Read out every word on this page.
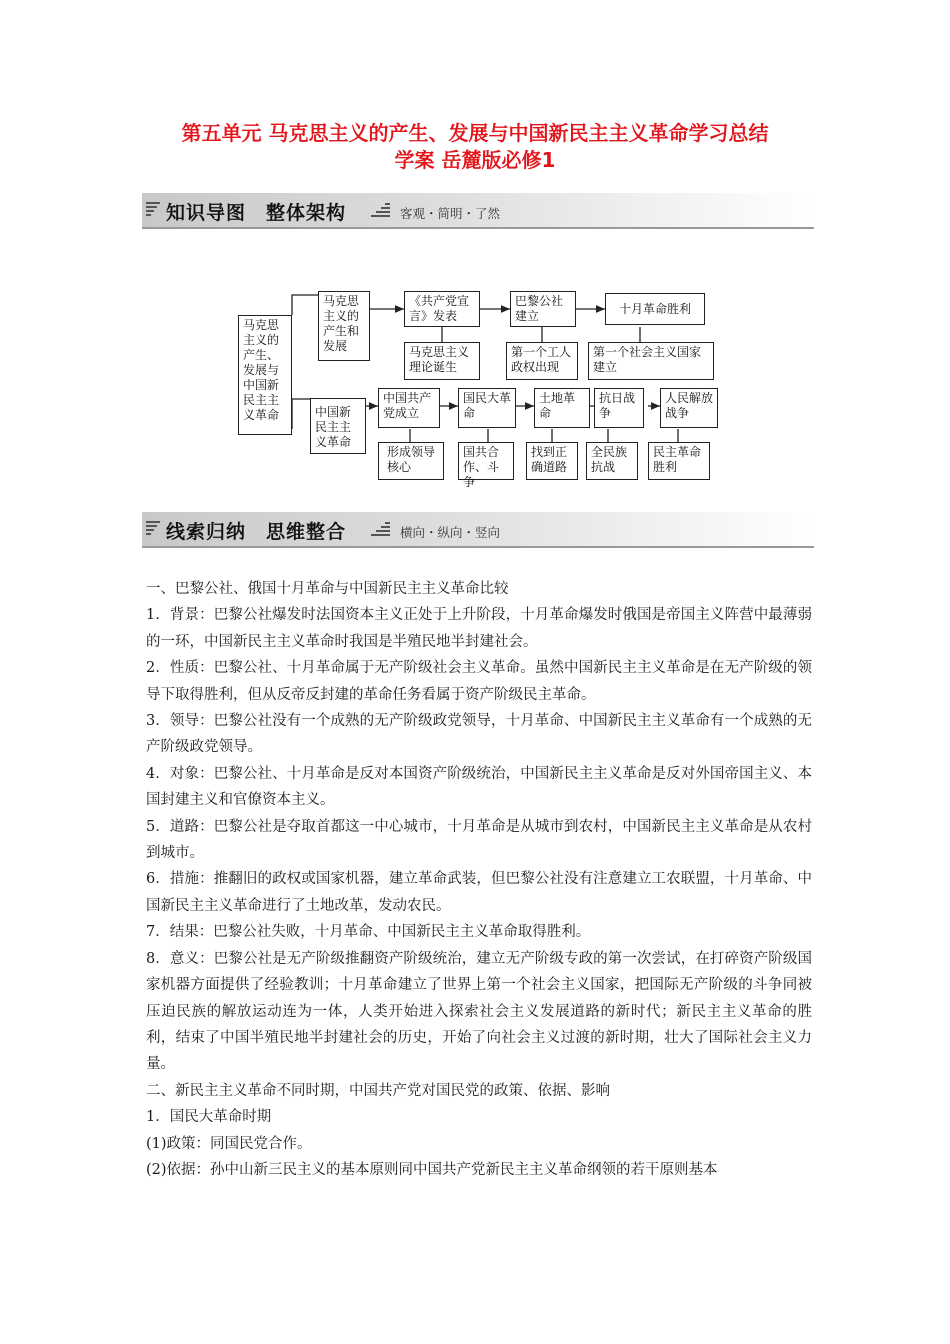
第五单元 马克思主义的产生、发展与中国新民主主义革命学习总结
学案 岳麓版必修1
知识导图　整体架构	客观・简明・了然
马克思主义的产生、发展与中国新民主主义革命
马克思主义的产生和发展
中国新民主主义革命
《共产党宣言》发表
巴黎公社建立
十月革命胜利
马克思主义理论诞生
第一个工人政权出现
第一个社会主义国家建立
中国共产党成立
国民大革命
土地革命
抗日战争
人民解放战争
形成领导核心
国共合作、斗争
找到正确道路
全民族抗战
民主革命胜利
线索归纳　思维整合	横向・纵向・竖向

一、巴黎公社、俄国十月革命与中国新民主主义革命比较

1．背景：巴黎公社爆发时法国资本主义正处于上升阶段，十月革命爆发时俄国是帝国主义阵营中最薄弱的一环，中国新民主主义革命时我国是半殖民地半封建社会。

2．性质：巴黎公社、十月革命属于无产阶级社会主义革命。虽然中国新民主主义革命是在无产阶级的领导下取得胜利，但从反帝反封建的革命任务看属于资产阶级民主革命。

3．领导：巴黎公社没有一个成熟的无产阶级政党领导，十月革命、中国新民主主义革命有一个成熟的无产阶级政党领导。

4．对象：巴黎公社、十月革命是反对本国资产阶级统治，中国新民主主义革命是反对外国帝国主义、本国封建主义和官僚资本主义。

5．道路：巴黎公社是夺取首都这一中心城市，十月革命是从城市到农村，中国新民主主义革命是从农村到城市。

6．措施：推翻旧的政权或国家机器，建立革命武装，但巴黎公社没有注意建立工农联盟，十月革命、中国新民主主义革命进行了土地改革，发动农民。

7．结果：巴黎公社失败，十月革命、中国新民主主义革命取得胜利。

8．意义：巴黎公社是无产阶级推翻资产阶级统治，建立无产阶级专政的第一次尝试，在打碎资产阶级国家机器方面提供了经验教训；十月革命建立了世界上第一个社会主义国家，把国际无产阶级的斗争同被压迫民族的解放运动连为一体，人类开始进入探索社会主义发展道路的新时代；新民主主义革命的胜利，结束了中国半殖民地半封建社会的历史，开始了向社会主义过渡的新时期，壮大了国际社会主义力量。

二、新民主主义革命不同时期，中国共产党对国民党的政策、依据、影响

1．国民大革命时期

(1)政策：同国民党合作。

(2)依据：孙中山新三民主义的基本原则同中国共产党新民主主义革命纲领的若干原则基本
